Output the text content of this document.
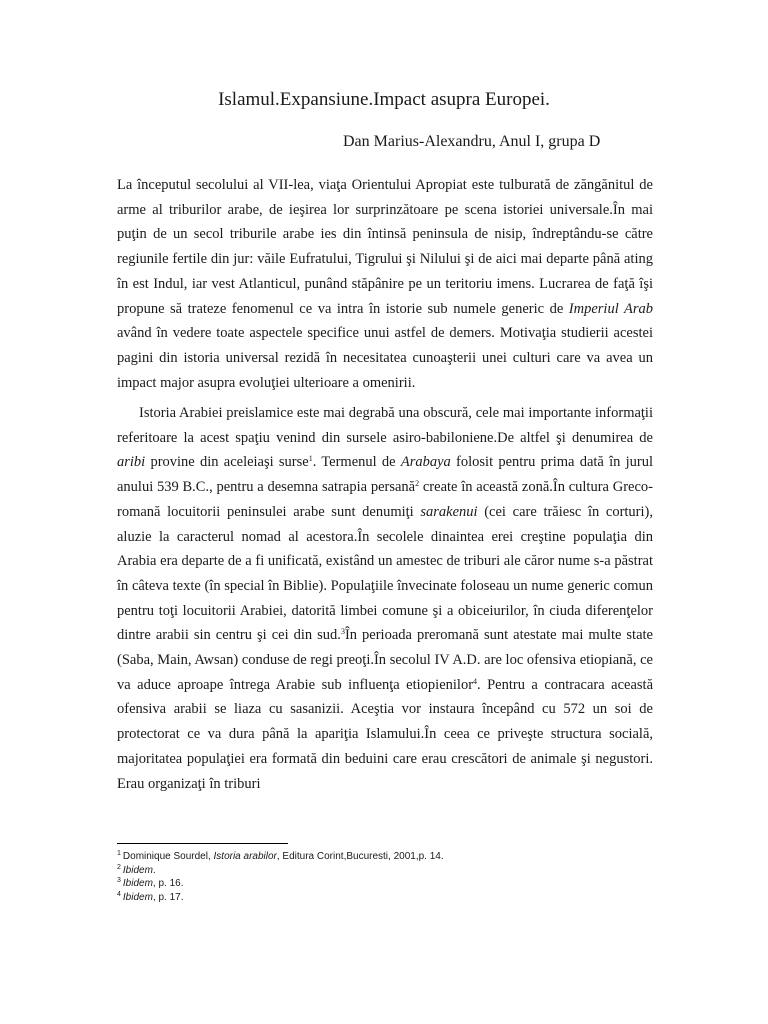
Islamul.Expansiune.Impact asupra Europei.
Dan Marius-Alexandru, Anul I, grupa D

La începutul secolului al VII-lea, viaţa Orientului Apropiat este tulburată de zăngănitul de arme al triburilor arabe, de ieşirea lor surprinzătoare pe scena istoriei universale.În mai puţin de un secol triburile arabe ies din întinsă peninsula de nisip, îndreptându-se către regiunile fertile din jur: văile Eufratului, Tigrului şi Nilului şi de aici mai departe până ating în est Indul, iar vest Atlanticul, punând stăpânire pe un teritoriu imens. Lucrarea de faţă îşi propune să trateze fenomenul ce va intra în istorie sub numele generic de Imperiul Arab având în vedere toate aspectele specifice unui astfel de demers. Motivaţia studierii acestei pagini din istoria universal rezidă în necesitatea cunoaşterii unei culturi care va avea un impact major asupra evoluţiei ulterioare a omenirii.

Istoria Arabiei preislamice este mai degrabă una obscură, cele mai importante informaţii referitoare la acest spaţiu venind din sursele asiro-babiloniene.De altfel şi denumirea de aribi provine din aceleiaşi surse$^1$. Termenul de Arabaya folosit pentru prima dată în jurul anului 539 B.C., pentru a desemna satrapia persană$^2$ create în această zonă.În cultura Greco-romană locuitorii peninsulei arabe sunt denumiţi sarakenui (cei care trăiesc în corturi), aluzie la caracterul nomad al acestora.În secolele dinaintea erei creştine populaţia din Arabia era departe de a fi unificată, existând un amestec de triburi ale căror nume s-a păstrat în câteva texte (în special în Biblie). Populaţiile învecinate foloseau un nume generic comun pentru toţi locuitorii Arabiei, datorită limbei comune şi a obiceiurilor, în ciuda diferenţelor dintre arabii sin centru şi cei din sud.$^3$În perioada preromană sunt atestate mai multe state (Saba, Main, Awsan) conduse de regi preoţi.În secolul IV A.D. are loc ofensiva etiopiană, ce va aduce aproape întrega Arabie sub influenţa etiopienilor$^4$. Pentru a contracara această ofensiva arabii se liaza cu sasanizii. Aceştia vor instaura începând cu 572 un soi de protectorat ce va dura până la apariţia Islamului.În ceea ce priveşte structura socială, majoritatea populaţiei era formată din beduini care erau crescători de animale şi negustori. Erau organizaţi în triburi

$^1$ Dominique Sourdel, Istoria arabilor, Editura Corint,Bucuresti, 2001,p. 14.
$^2$ Ibidem.
$^3$ Ibidem, p. 16.
$^4$ Ibidem, p. 17.
